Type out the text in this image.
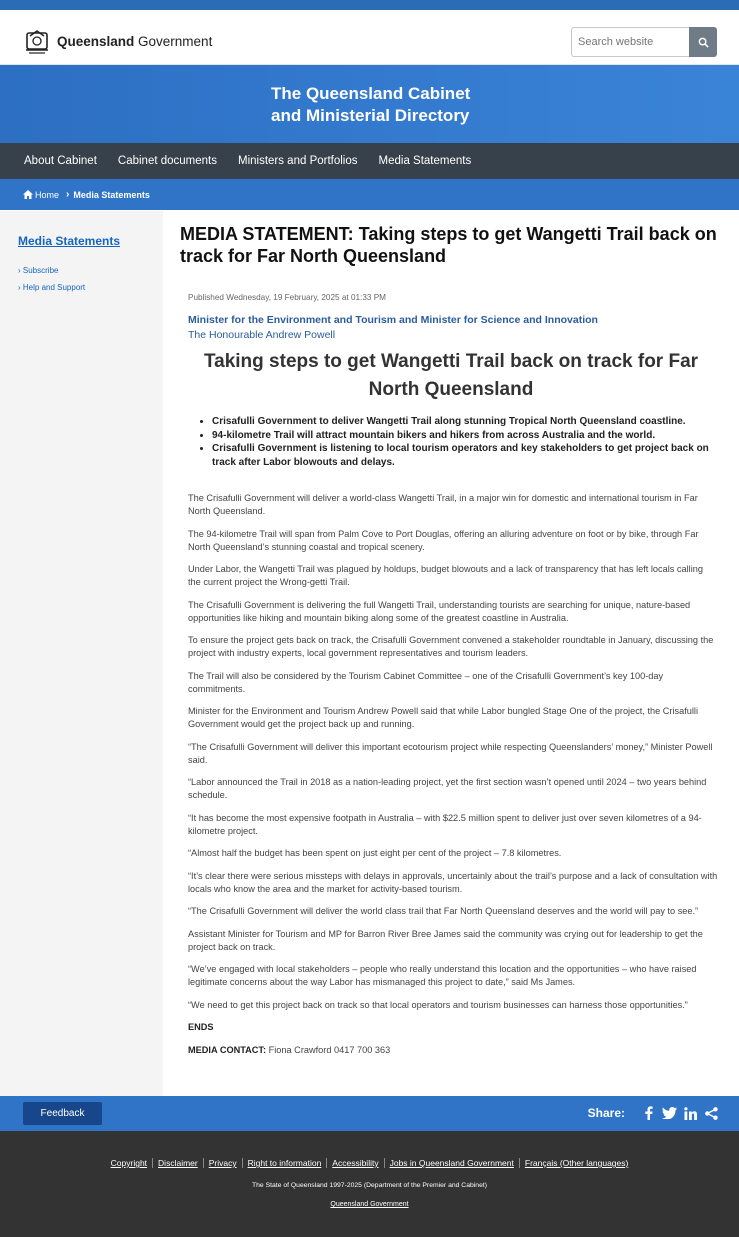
Queensland Government
Search website
The Queensland Cabinet
and Ministerial Directory
About Cabinet Cabinet documents Ministers and Portfolios Media Statements
Home › Media Statements
Media Statements
› Subscribe
› Help and Support
MEDIA STATEMENT: Taking steps to get Wangetti Trail back on track for Far North Queensland
Published Wednesday, 19 February, 2025 at 01:33 PM
Minister for the Environment and Tourism and Minister for Science and Innovation
The Honourable Andrew Powell
Taking steps to get Wangetti Trail back on track for Far North Queensland
• Crisafulli Government to deliver Wangetti Trail along stunning Tropical North Queensland coastline.
• 94-kilometre Trail will attract mountain bikers and hikers from across Australia and the world.
• Crisafulli Government is listening to local tourism operators and key stakeholders to get project back on track after Labor blowouts and delays.

The Crisafulli Government will deliver a world-class Wangetti Trail, in a major win for domestic and international tourism in Far North Queensland.

The 94-kilometre Trail will span from Palm Cove to Port Douglas, offering an alluring adventure on foot or by bike, through Far North Queensland’s stunning coastal and tropical scenery.

Under Labor, the Wangetti Trail was plagued by holdups, budget blowouts and a lack of transparency that has left locals calling the current project the Wrong-getti Trail.

The Crisafulli Government is delivering the full Wangetti Trail, understanding tourists are searching for unique, nature-based opportunities like hiking and mountain biking along some of the greatest coastline in Australia.

To ensure the project gets back on track, the Crisafulli Government convened a stakeholder roundtable in January, discussing the project with industry experts, local government representatives and tourism leaders.

The Trail will also be considered by the Tourism Cabinet Committee – one of the Crisafulli Government’s key 100-day commitments.

Minister for the Environment and Tourism Andrew Powell said that while Labor bungled Stage One of the project, the Crisafulli Government would get the project back up and running.

“The Crisafulli Government will deliver this important ecotourism project while respecting Queenslanders’ money,” Minister Powell said.

“Labor announced the Trail in 2018 as a nation-leading project, yet the first section wasn’t opened until 2024 – two years behind schedule.

“It has become the most expensive footpath in Australia – with $22.5 million spent to deliver just over seven kilometres of a 94-kilometre project.

“Almost half the budget has been spent on just eight per cent of the project – 7.8 kilometres.

“It’s clear there were serious missteps with delays in approvals, uncertainly about the trail’s purpose and a lack of consultation with locals who know the area and the market for activity-based tourism.

“The Crisafulli Government will deliver the world class trail that Far North Queensland deserves and the world will pay to see.”

Assistant Minister for Tourism and MP for Barron River Bree James said the community was crying out for leadership to get the project back on track.

“We’ve engaged with local stakeholders – people who really understand this location and the opportunities – who have raised legitimate concerns about the way Labor has mismanaged this project to date,” said Ms James.

“We need to get this project back on track so that local operators and tourism businesses can harness those opportunities.”

ENDS

MEDIA CONTACT: Fiona Crawford 0417 700 363

Feedback	Share:
Copyright	Disclaimer	Privacy	Right to information	Accessibility	Jobs in Queensland Government	Français (Other languages)
The State of Queensland 1997-2025 (Department of the Premier and Cabinet)
Queensland Government
